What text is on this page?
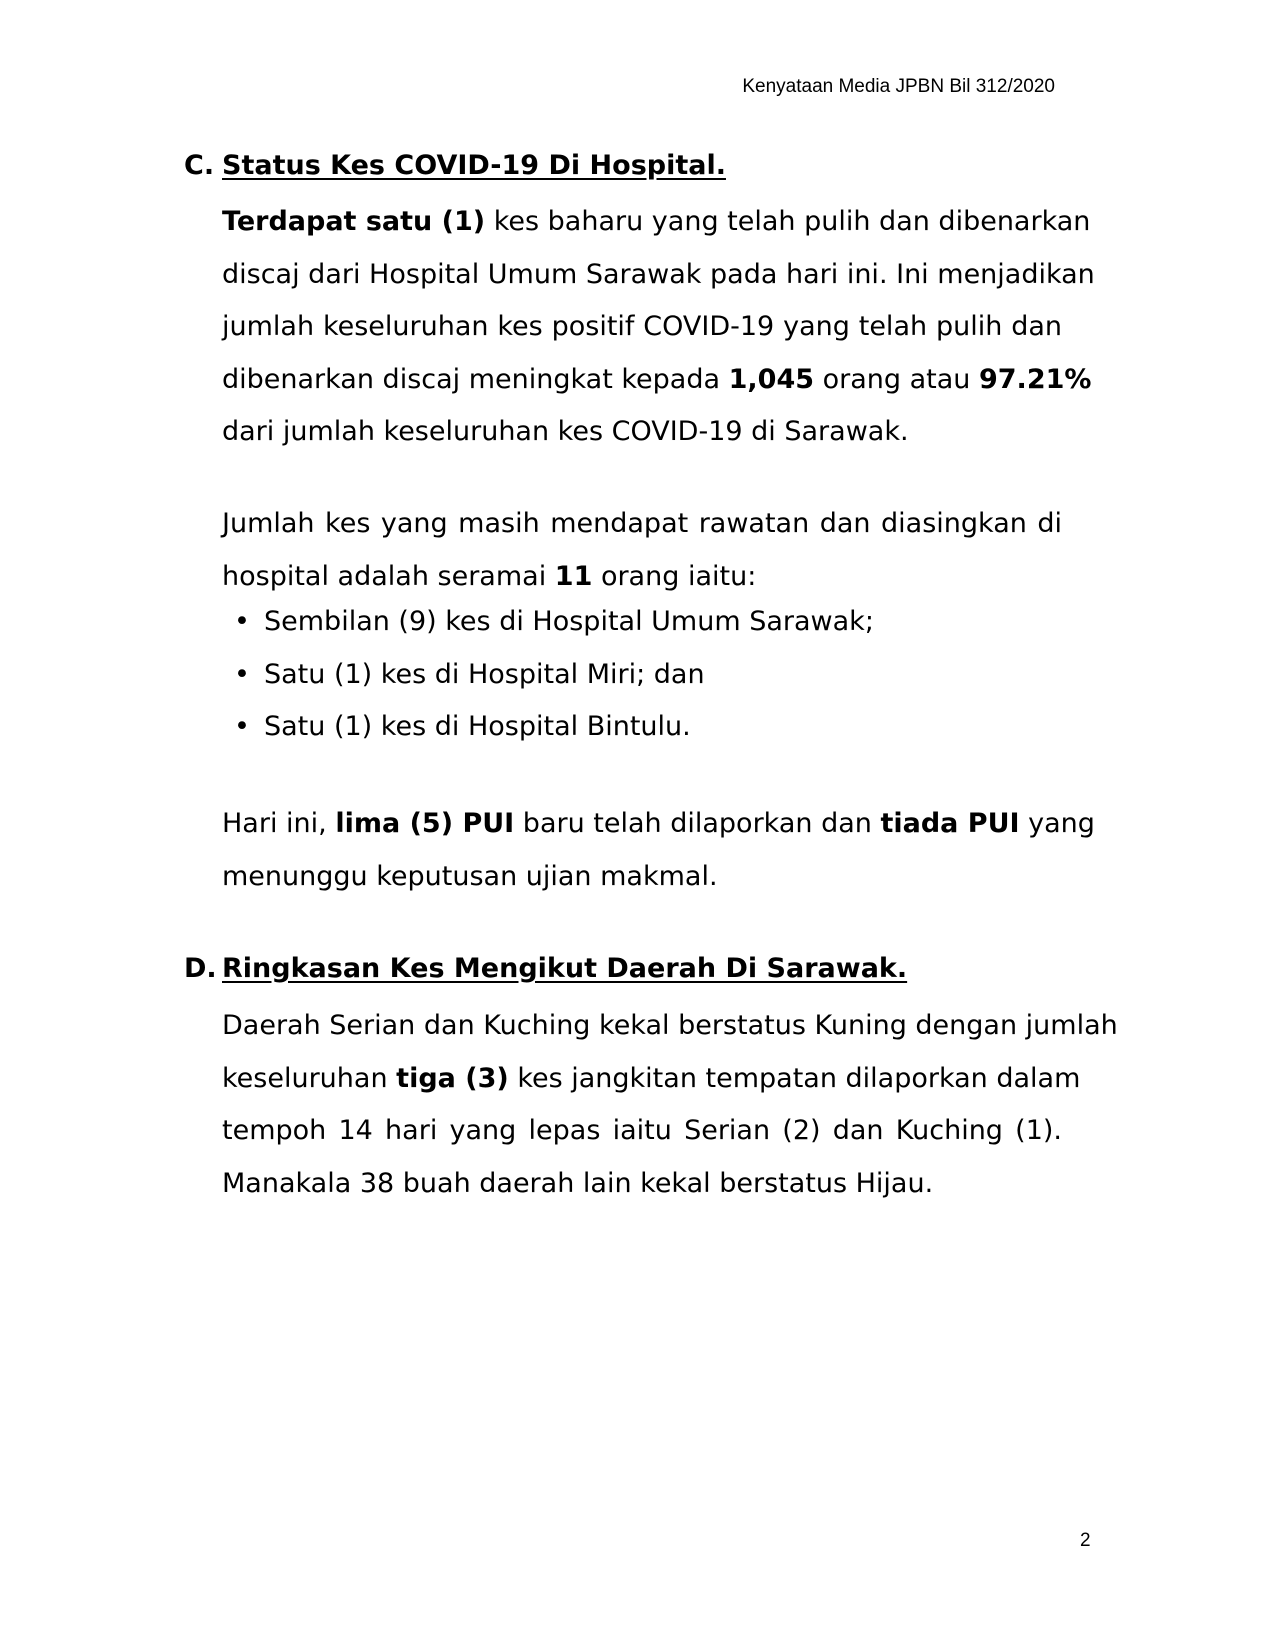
Kenyataan Media JPBN Bil 312/2020
C. Status Kes COVID-19 Di Hospital.
Terdapat satu (1) kes baharu yang telah pulih dan dibenarkan
discaj dari Hospital Umum Sarawak pada hari ini. Ini menjadikan
jumlah keseluruhan kes positif COVID-19 yang telah pulih dan
dibenarkan discaj meningkat kepada 1,045 orang atau 97.21%
dari jumlah keseluruhan kes COVID-19 di Sarawak.
Jumlah kes yang masih mendapat rawatan dan diasingkan di
hospital adalah seramai 11 orang iaitu:
• Sembilan (9) kes di Hospital Umum Sarawak;
• Satu (1) kes di Hospital Miri; dan
• Satu (1) kes di Hospital Bintulu.
Hari ini, lima (5) PUI baru telah dilaporkan dan tiada PUI yang
menunggu keputusan ujian makmal.
D. Ringkasan Kes Mengikut Daerah Di Sarawak.
Daerah Serian dan Kuching kekal berstatus Kuning dengan jumlah
keseluruhan tiga (3) kes jangkitan tempatan dilaporkan dalam
tempoh 14 hari yang lepas iaitu Serian (2) dan Kuching (1).
Manakala 38 buah daerah lain kekal berstatus Hijau.
2
